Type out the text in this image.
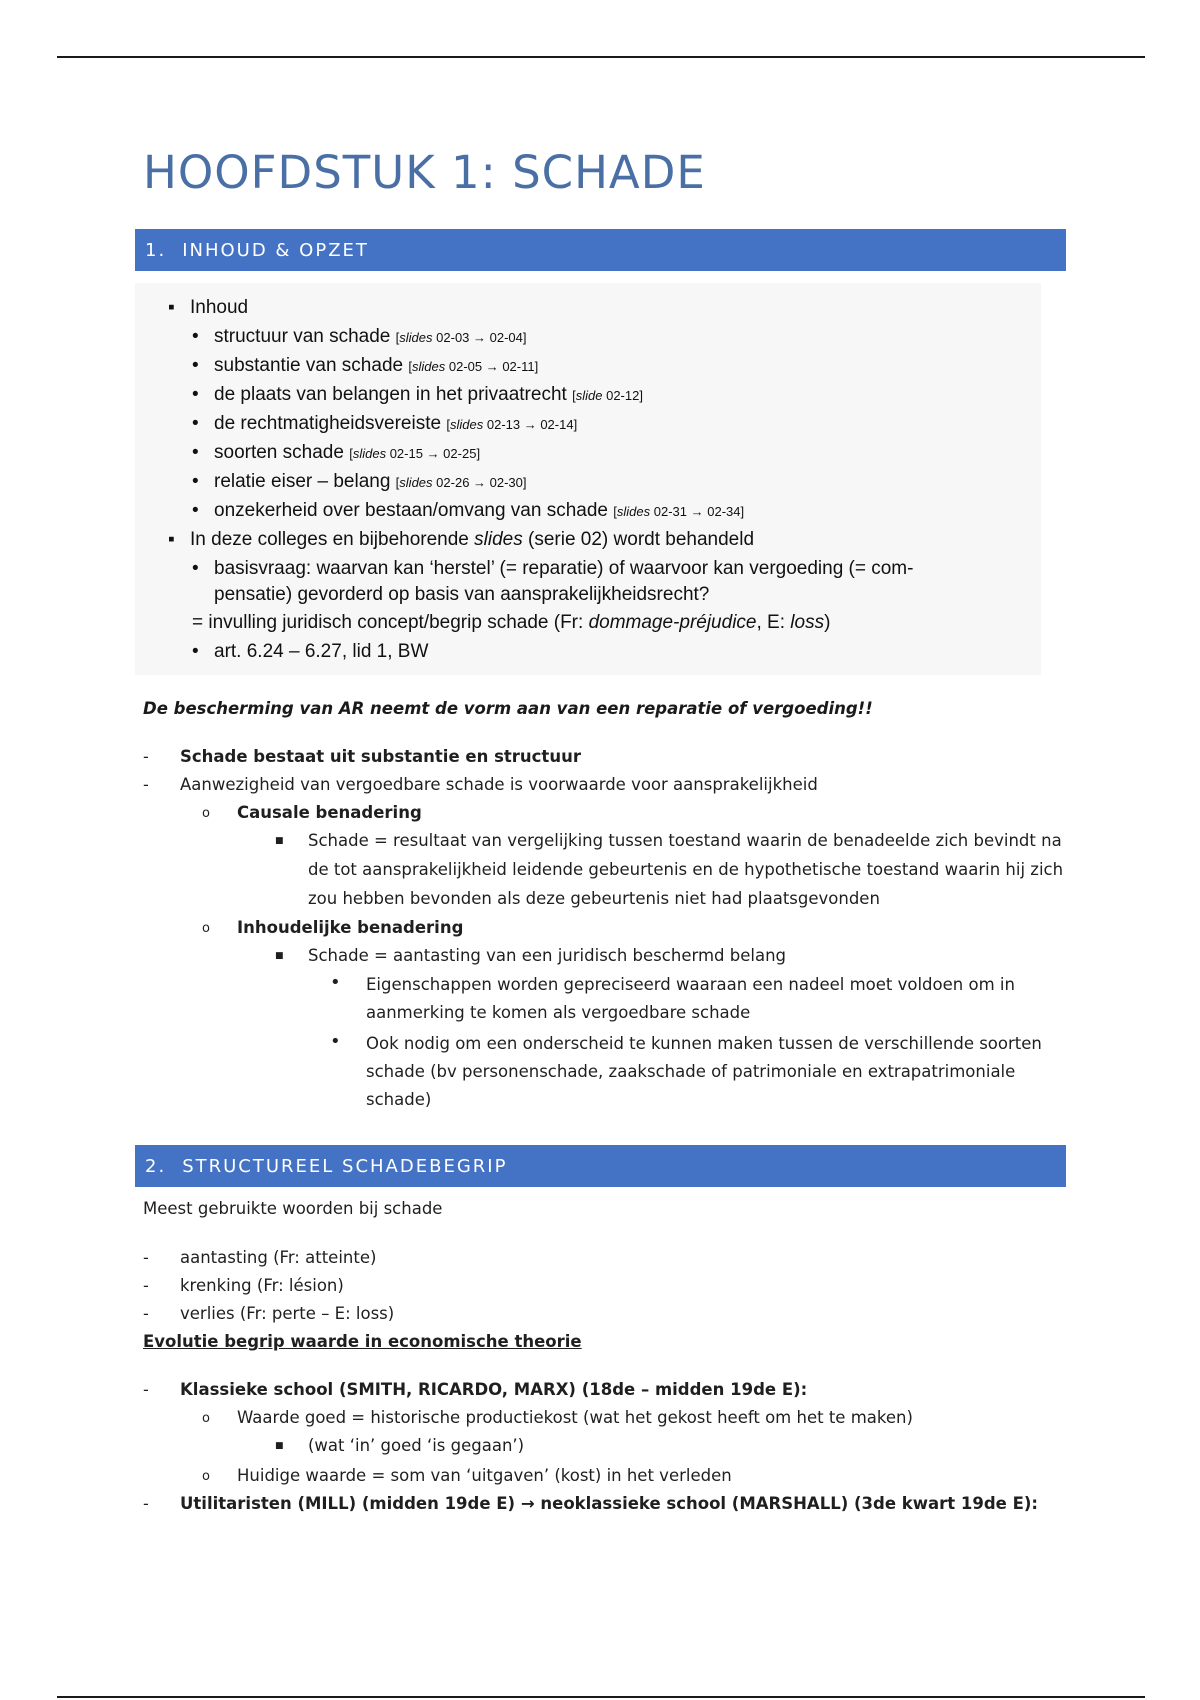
HOOFDSTUK 1: SCHADE
1. INHOUD & OPZET
▪ Inhoud
• structuur van schade [slides 02-03 → 02-04]
• substantie van schade [slides 02-05 → 02-11]
• de plaats van belangen in het privaatrecht [slide 02-12]
• de rechtmatigheidsvereiste [slides 02-13 → 02-14]
• soorten schade [slides 02-15 → 02-25]
• relatie eiser – belang [slides 02-26 → 02-30]
• onzekerheid over bestaan/omvang van schade [slides 02-31 → 02-34]
▪ In deze colleges en bijbehorende slides (serie 02) wordt behandeld
• basisvraag: waarvan kan ‘herstel’ (= reparatie) of waarvoor kan vergoeding (= com-
pensatie) gevorderd op basis van aansprakelijkheidsrecht?
= invulling juridisch concept/begrip schade (Fr: dommage-préjudice, E: loss)
• art. 6.24 – 6.27, lid 1, BW
De bescherming van AR neemt de vorm aan van een reparatie of vergoeding!!
- Schade bestaat uit substantie en structuur
- Aanwezigheid van vergoedbare schade is voorwaarde voor aansprakelijkheid
o Causale benadering
■ Schade = resultaat van vergelijking tussen toestand waarin de benadeelde zich bevindt na
de tot aansprakelijkheid leidende gebeurtenis en de hypothetische toestand waarin hij zich
zou hebben bevonden als deze gebeurtenis niet had plaatsgevonden
o Inhoudelijke benadering
■ Schade = aantasting van een juridisch beschermd belang
• Eigenschappen worden gepreciseerd waaraan een nadeel moet voldoen om in
aanmerking te komen als vergoedbare schade
• Ook nodig om een onderscheid te kunnen maken tussen de verschillende soorten
schade (bv personenschade, zaakschade of patrimoniale en extrapatrimoniale
schade)
2. STRUCTUREEL SCHADEBEGRIP
Meest gebruikte woorden bij schade
- aantasting (Fr: atteinte)
- krenking (Fr: lésion)
- verlies (Fr: perte – E: loss)
Evolutie begrip waarde in economische theorie
- Klassieke school (SMITH, RICARDO, MARX) (18de – midden 19de E):
o Waarde goed = historische productiekost (wat het gekost heeft om het te maken)
■ (wat ‘in’ goed ‘is gegaan’)
o Huidige waarde = som van ‘uitgaven’ (kost) in het verleden
- Utilitaristen (MILL) (midden 19de E) → neoklassieke school (MARSHALL) (3de kwart 19de E):
